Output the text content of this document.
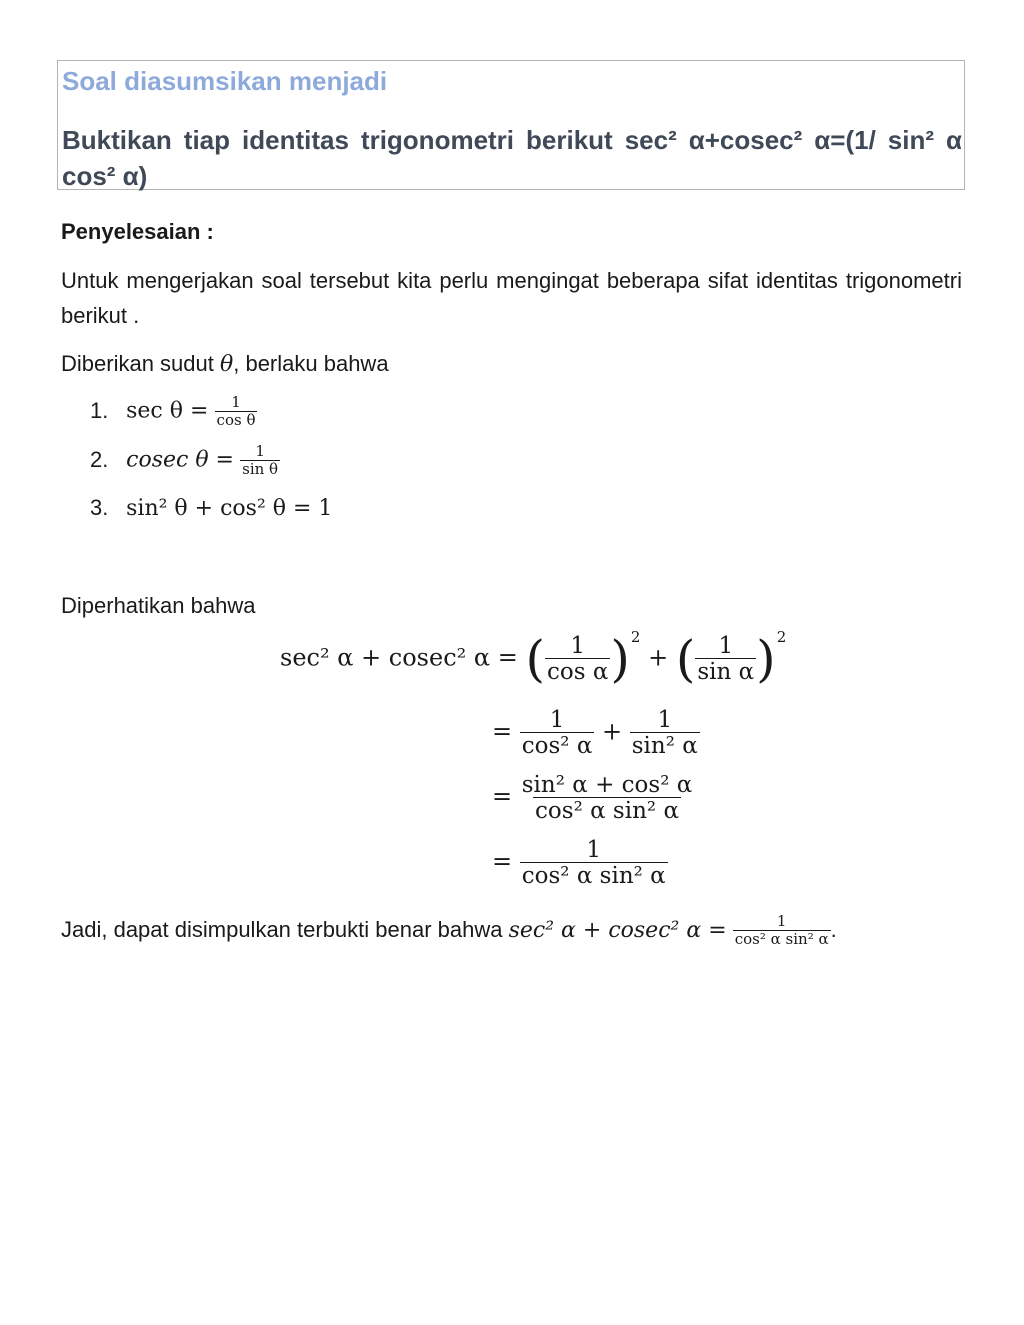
Soal diasumsikan menjadi
Buktikan tiap identitas trigonometri berikut sec² α+cosec² α=(1/ sin² α cos² α)
Penyelesaian :
Untuk mengerjakan soal tersebut kita perlu mengingat beberapa sifat identitas trigonometri berikut .
Diberikan sudut θ, berlaku bahwa
1. $\sec \theta = \frac{1}{\text{cos θ}}$
2. cosec $\theta = \frac{1}{\text{sin θ}}$
3. sin² θ + cos² θ = 1
Diperhatikan bahwa
sec² α + cosec² α = ( $\frac{1}{\text{cos α}} )^2$ + ( $\frac{1}{\text{sin α}} )^2$
= $\frac{1}{\text{cos² α}} + \frac{1}{\text{sin² α}}$
= $\frac{\text{sin² α + cos² α}}{\text{cos² α sin² α}}$
= $\frac{1}{\text{cos² α sin² α}}$
Jadi, dapat disimpulkan terbukti benar bahwa sec² α + cosec² $\alpha = \frac{1}{\text{cos² α sin² α}}$ .
